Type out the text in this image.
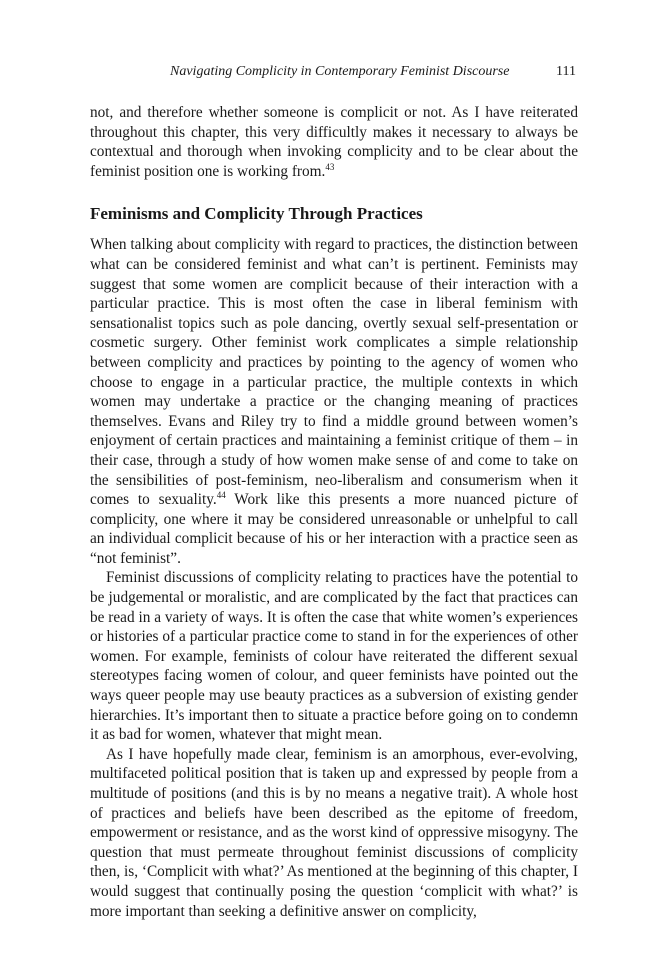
Navigating Complicity in Contemporary Feminist Discourse	111

not, and therefore whether someone is complicit or not. As I have reiterated throughout this chapter, this very difficultly makes it necessary to always be contextual and thorough when invoking complicity and to be clear about the feminist position one is working from.$^{43}$

Feminisms and Complicity Through Practices

When talking about complicity with regard to practices, the distinction between what can be considered feminist and what can’t is pertinent. Feminists may suggest that some women are complicit because of their interaction with a particular practice. This is most often the case in liberal feminism with sensationalist topics such as pole dancing, overtly sexual self-presentation or cosmetic surgery. Other feminist work complicates a simple relationship between complicity and practices by pointing to the agency of women who choose to engage in a particular practice, the multiple contexts in which women may undertake a practice or the changing meaning of practices themselves. Evans and Riley try to find a middle ground between women’s enjoyment of certain practices and maintaining a feminist critique of them – in their case, through a study of how women make sense of and come to take on the sensibilities of post-feminism, neo-liberalism and consumerism when it comes to sexuality.$^{44}$ Work like this presents a more nuanced picture of complicity, one where it may be considered unreasonable or unhelpful to call an individual complicit because of his or her interaction with a practice seen as “not feminist”.

Feminist discussions of complicity relating to practices have the potential to be judgemental or moralistic, and are complicated by the fact that practices can be read in a variety of ways. It is often the case that white women’s experiences or histories of a particular practice come to stand in for the experiences of other women. For example, feminists of colour have reiterated the different sexual stereotypes facing women of colour, and queer feminists have pointed out the ways queer people may use beauty practices as a subversion of existing gender hierarchies. It’s important then to situate a practice before going on to condemn it as bad for women, whatever that might mean.

As I have hopefully made clear, feminism is an amorphous, ever-evolving, multifaceted political position that is taken up and expressed by people from a multitude of positions (and this is by no means a negative trait). A whole host of practices and beliefs have been described as the epitome of freedom, empowerment or resistance, and as the worst kind of oppressive misogyny. The question that must permeate throughout feminist discussions of complicity then, is, ‘Complicit with what?’ As mentioned at the beginning of this chapter, I would suggest that continually posing the question ‘complicit with what?’ is more important than seeking a definitive answer on complicity,
